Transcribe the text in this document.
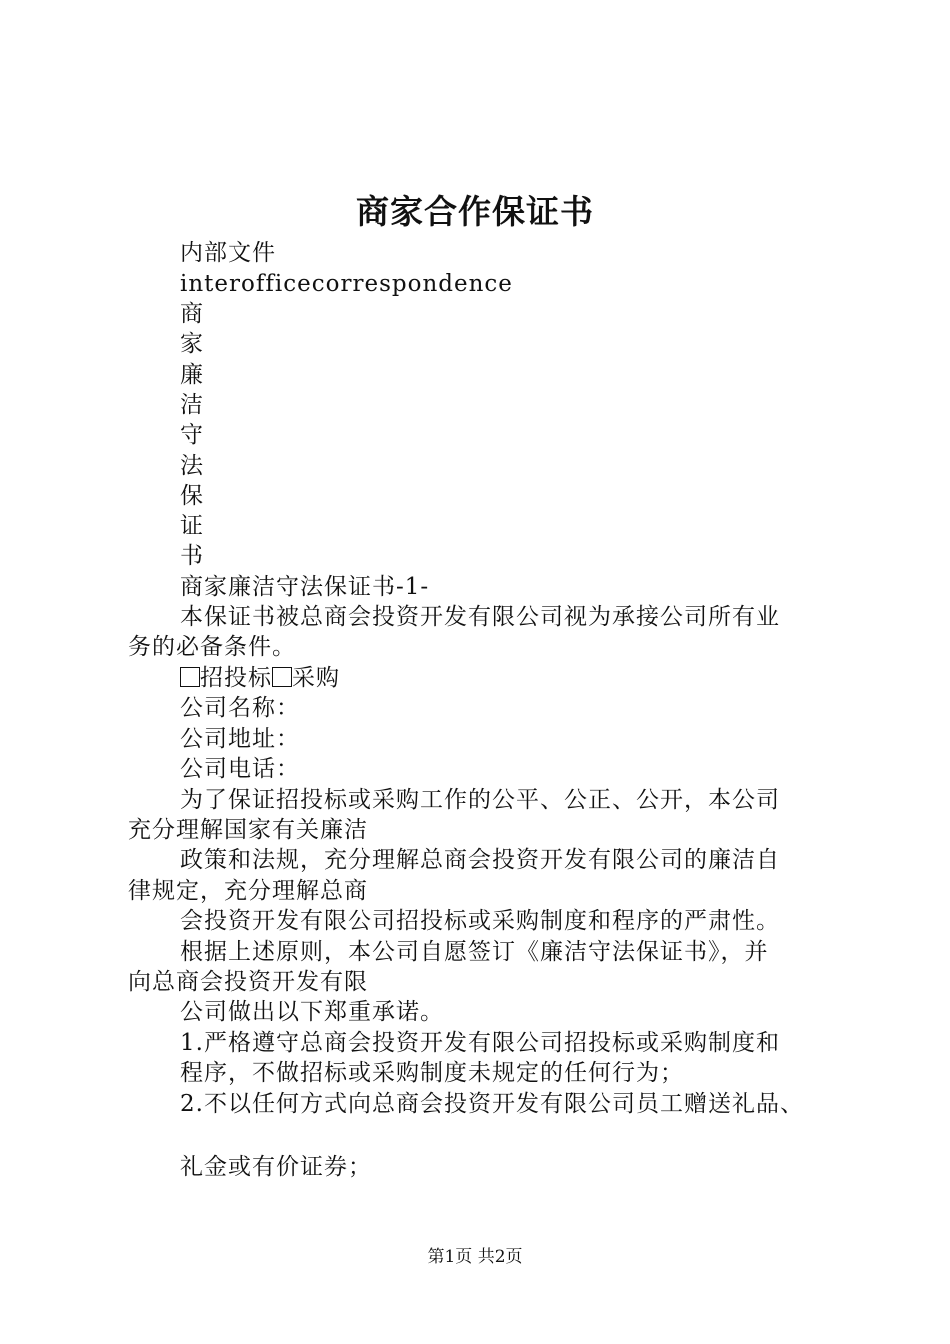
商家合作保证书
内部文件
interofficecorrespondence
商
家
廉
洁
守
法
保
证
书
商家廉洁守法保证书-1-
本保证书被总商会投资开发有限公司视为承接公司所有业
务的必备条件。
招投标 采购
公司名称：
公司地址：
公司电话：
为了保证招投标或采购工作的公平、公正、公开，本公司
充分理解国家有关廉洁
政策和法规，充分理解总商会投资开发有限公司的廉洁自
律规定，充分理解总商
会投资开发有限公司招投标或采购制度和程序的严肃性。
根据上述原则，本公司自愿签订《廉洁守法保证书》，并
向总商会投资开发有限
公司做出以下郑重承诺。
1.严格遵守总商会投资开发有限公司招投标或采购制度和
程序，不做招标或采购制度未规定的任何行为；
2.不以任何方式向总商会投资开发有限公司员工赠送礼品、
礼金或有价证券；
第1页 共2页
